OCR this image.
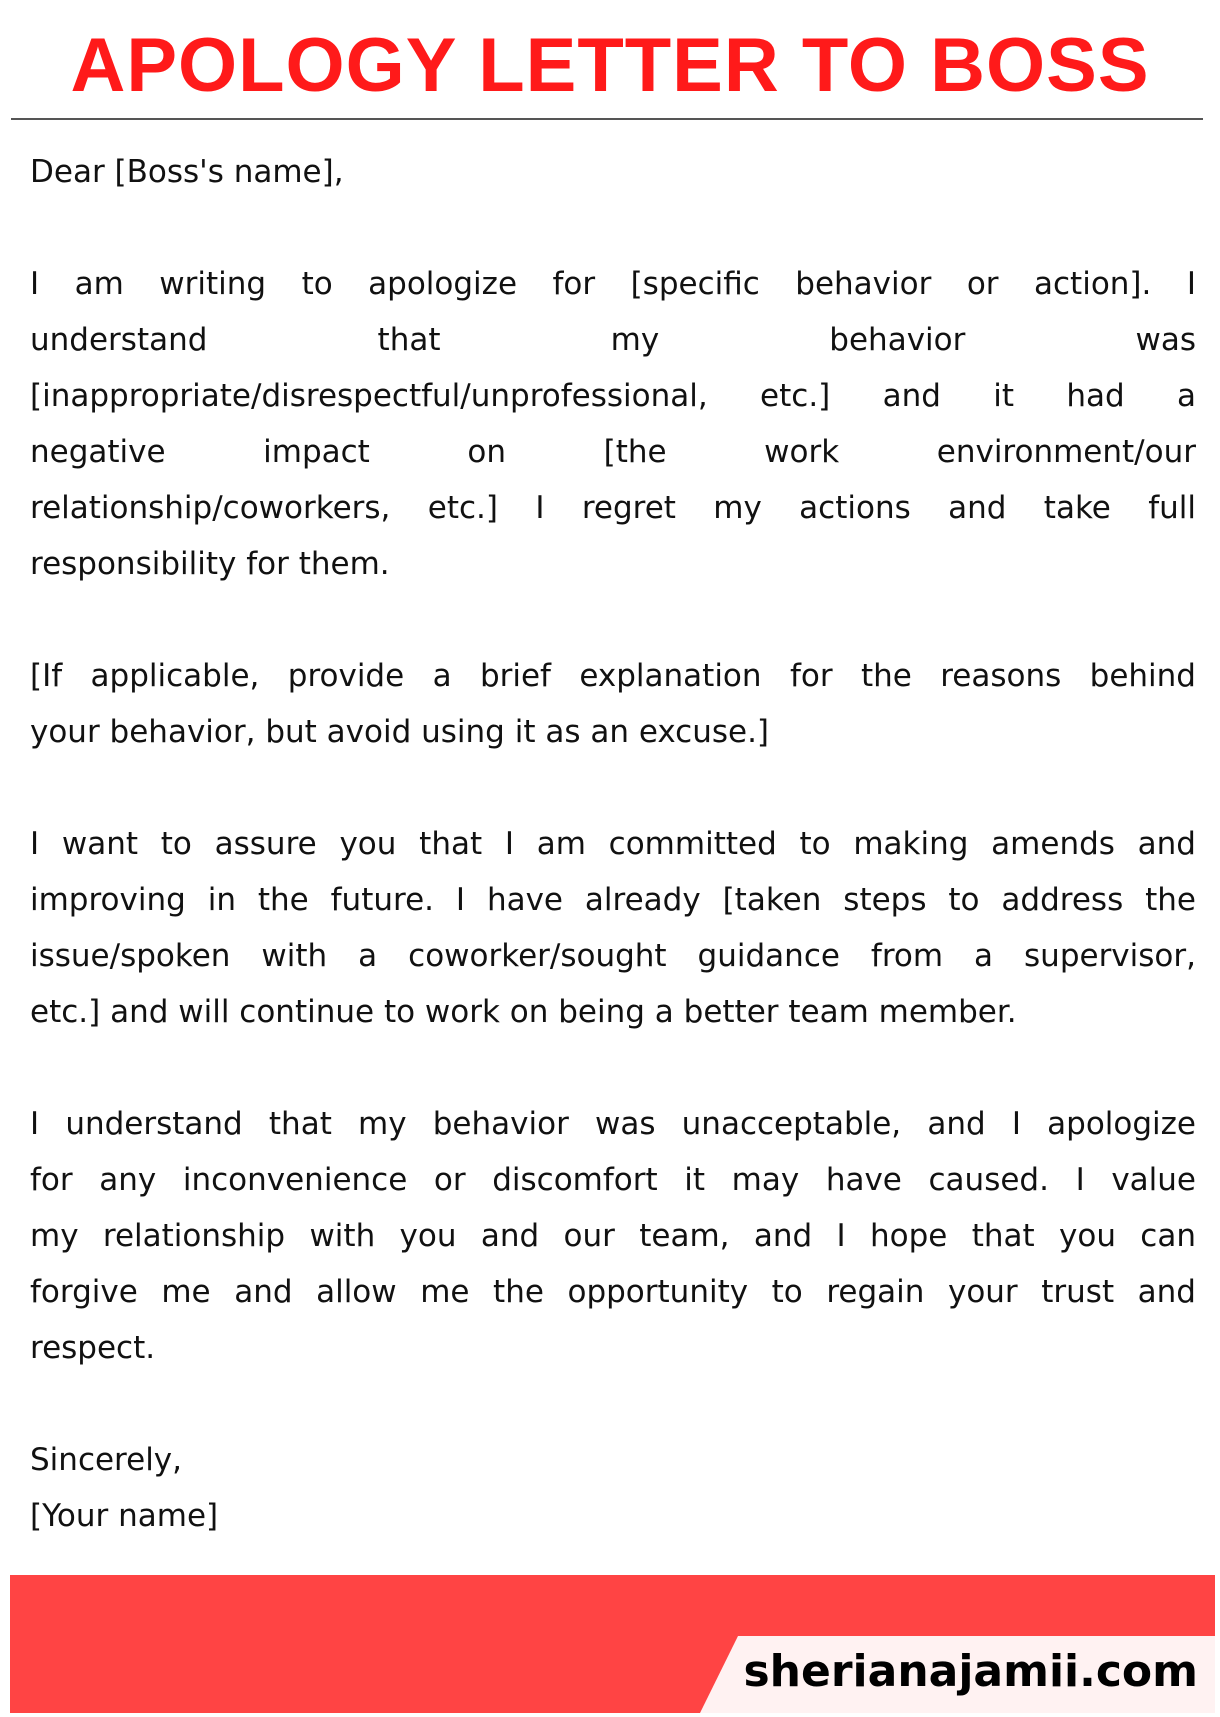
APOLOGY LETTER TO BOSS
Dear [Boss's name],
I am writing to apologize for [specific behavior or action]. I
understand that my behavior was
[inappropriate/disrespectful/unprofessional, etc.] and it had a
negative impact on [the work environment/our
relationship/coworkers, etc.] I regret my actions and take full
responsibility for them.
[If applicable, provide a brief explanation for the reasons behind
your behavior, but avoid using it as an excuse.]
I want to assure you that I am committed to making amends and
improving in the future. I have already [taken steps to address the
issue/spoken with a coworker/sought guidance from a supervisor,
etc.] and will continue to work on being a better team member.
I understand that my behavior was unacceptable, and I apologize
for any inconvenience or discomfort it may have caused. I value
my relationship with you and our team, and I hope that you can
forgive me and allow me the opportunity to regain your trust and
respect.
Sincerely,
[Your name]
sherianajamii.com
